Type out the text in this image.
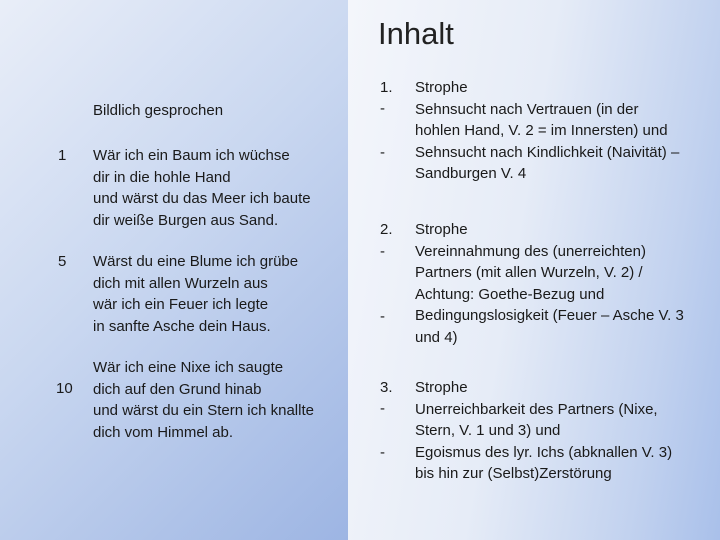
Inhalt
Bildlich gesprochen
1
5
10
Wär ich ein Baum ich wüchse
dir in die hohle Hand
und wärst du das Meer ich baute
dir weiße Burgen aus Sand.
Wärst du eine Blume ich grübe
dich mit allen Wurzeln aus
wär ich ein Feuer ich legte
in sanfte Asche dein Haus.
Wär ich eine Nixe ich saugte
dich auf den Grund hinab
und wärst du ein Stern ich knallte
dich vom Himmel ab.
1.
-
-
Strophe
Sehnsucht nach Vertrauen (in der
hohlen Hand, V. 2 = im Innersten) und
Sehnsucht nach Kindlichkeit (Naivität) –
Sandburgen V. 4
2.
-
-
Strophe
Vereinnahmung des (unerreichten)
Partners (mit allen Wurzeln, V. 2) /
Achtung: Goethe-Bezug und
Bedingungslosigkeit (Feuer – Asche V. 3
und 4)
3.
-
-
Strophe
Unerreichbarkeit des Partners (Nixe,
Stern, V. 1 und 3) und
Egoismus des lyr. Ichs (abknallen V. 3)
bis hin zur (Selbst)Zerstörung
